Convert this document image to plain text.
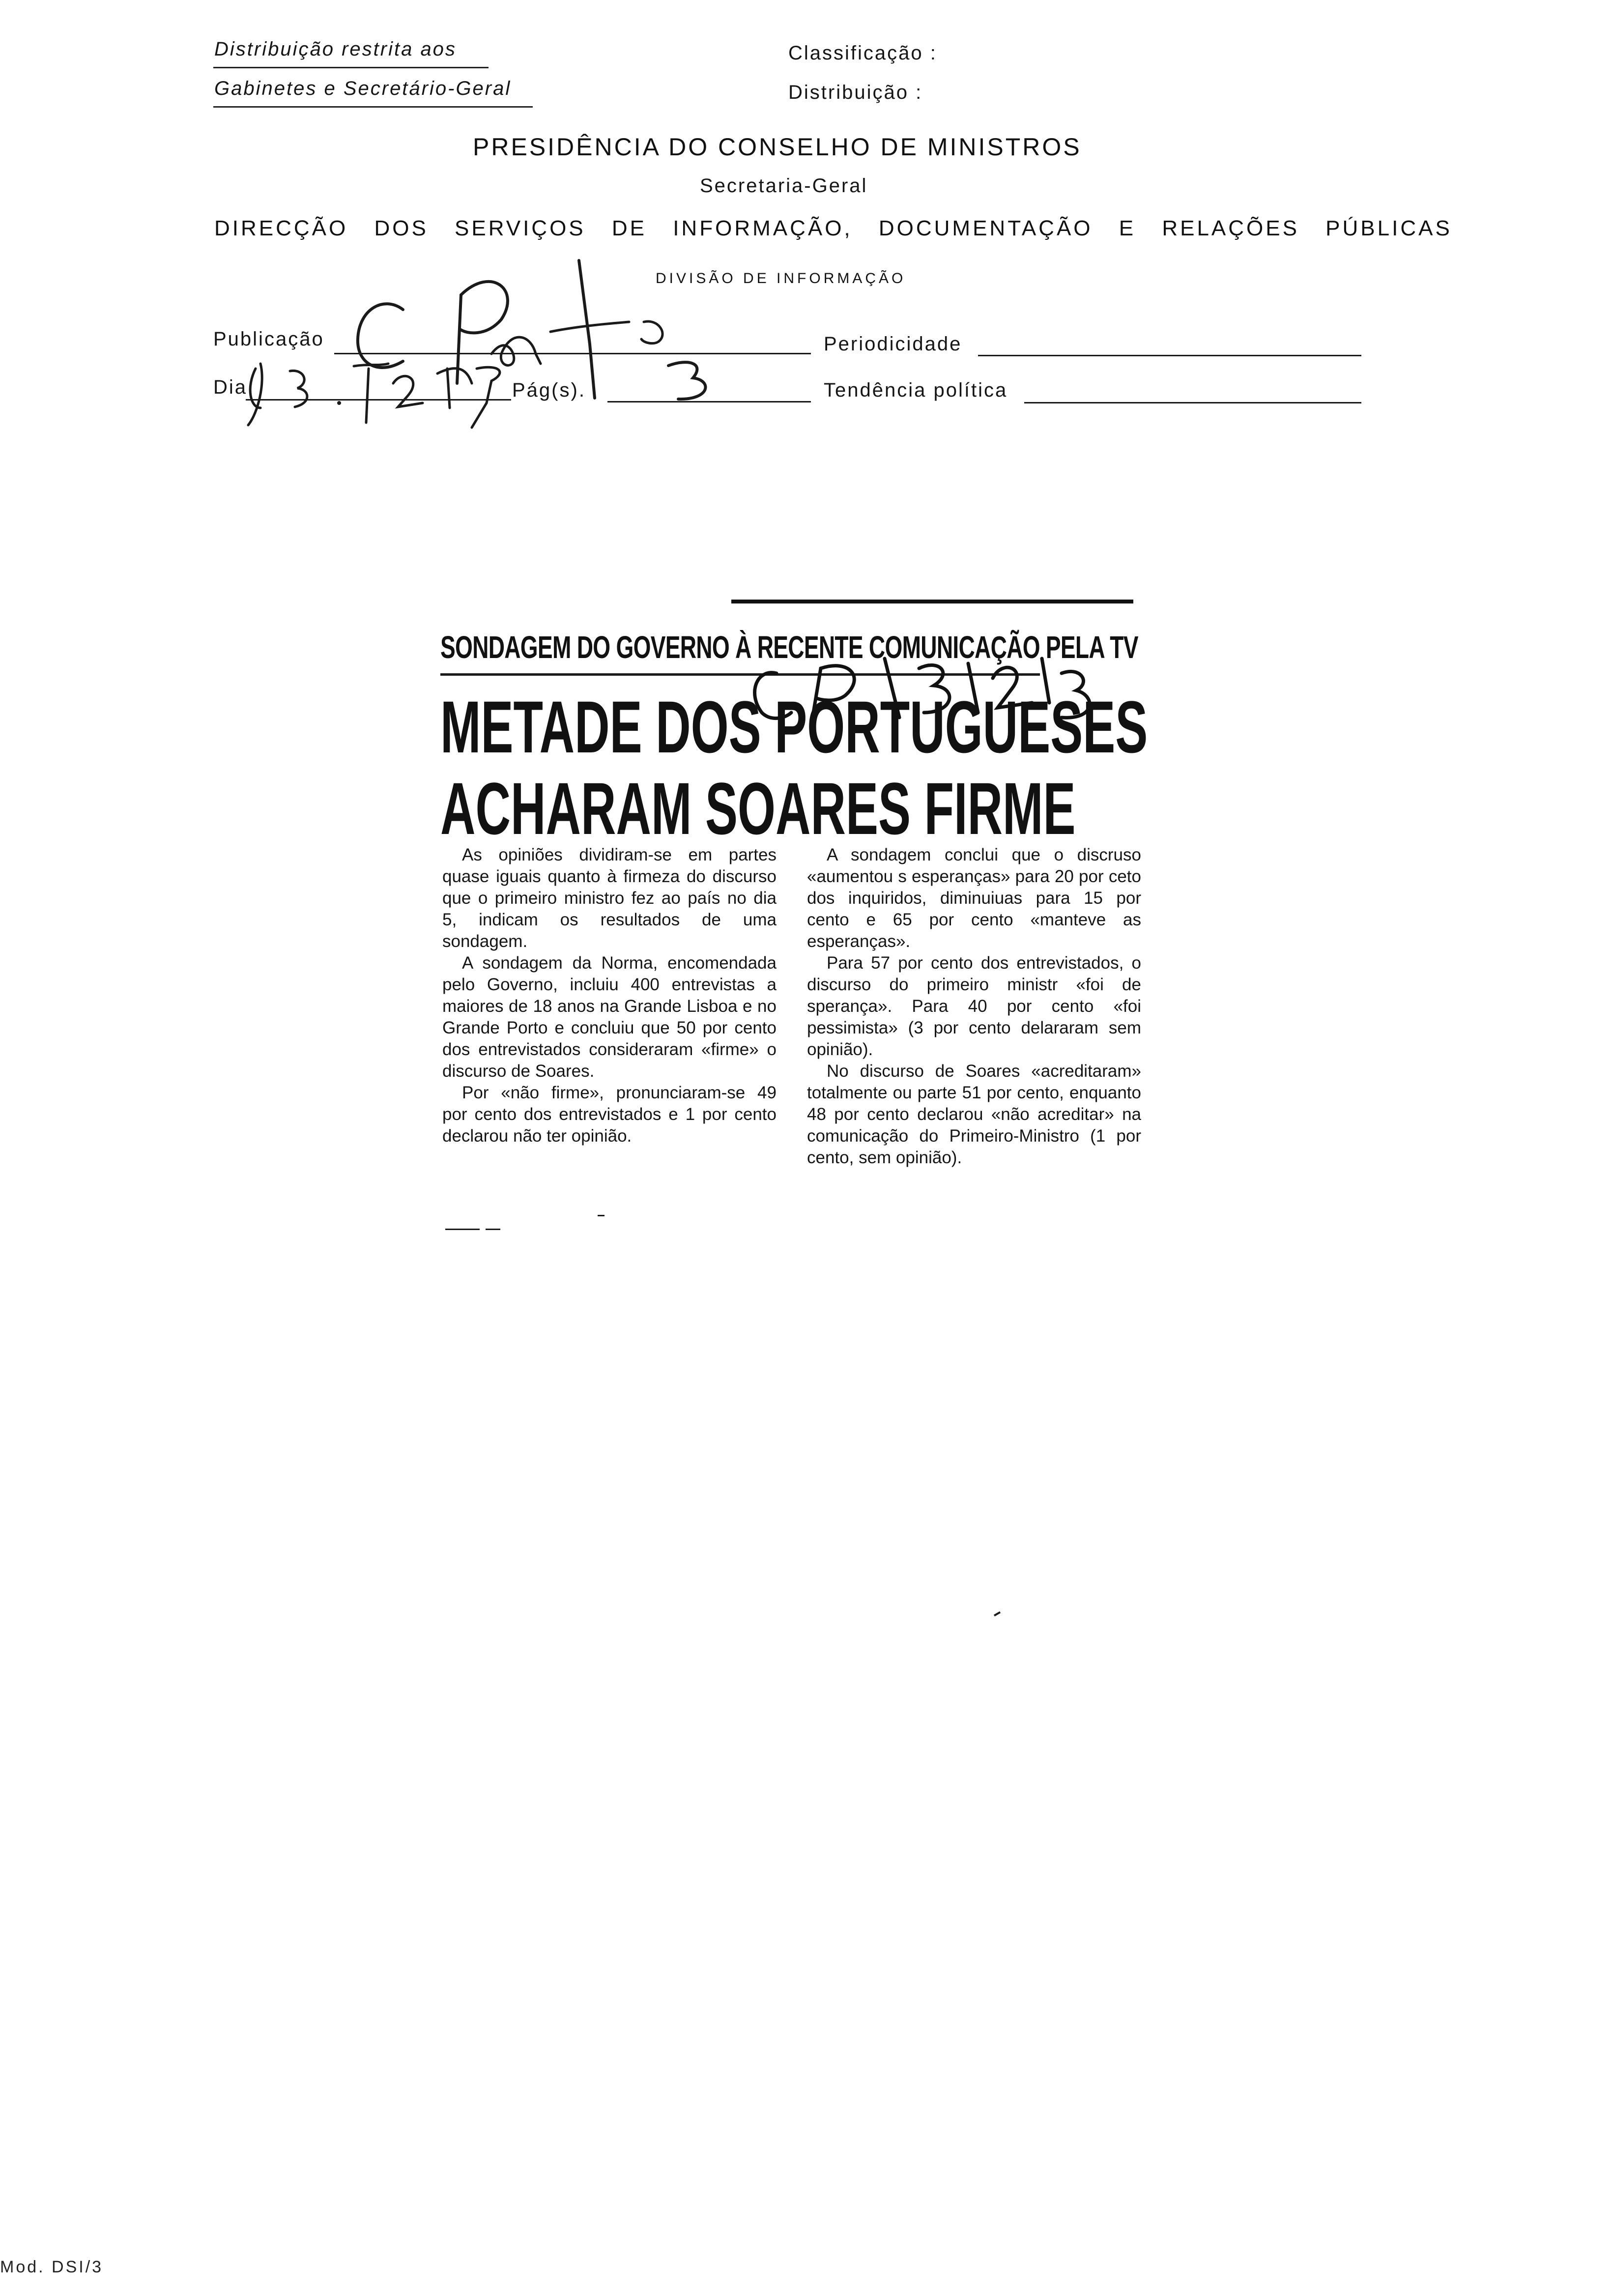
Distribuição restrita aos
Gabinetes e Secretário-Geral
Classificação :
Distribuição :
PRESIDÊNCIA DO CONSELHO DE MINISTROS
Secretaria-Geral
DIRECÇÃO DOS SERVIÇOS DE INFORMAÇÃO, DOCUMENTAÇÃO E RELAÇÕES PÚBLICAS
DIVISÃO DE INFORMAÇÃO
Publicação	Periodicidade
Dia	Pág(s).	Tendência política
SONDAGEM DO GOVERNO À RECENTE COMUNICAÇÃO PELA TV
METADE DOS PORTUGUESES
ACHARAM SOARES FIRME

As opiniões dividiram-se em partes quase iguais quanto à firmeza do discurso que o primeiro ministro fez ao país no dia 5, indicam os resultados de uma sondagem.

A sondagem da Norma, encomendada pelo Governo, incluiu 400 entrevistas a maiores de 18 anos na Grande Lisboa e no Grande Porto e concluiu que 50 por cento dos entrevistados consideraram «firme» o discurso de Soares.

Por «não firme», pronunciaram-se 49 por cento dos entrevistados e 1 por cento declarou não ter opinião.

A sondagem conclui que o discruso «aumentou s esperanças» para 20 por ceto dos inquiridos, diminuiuas para 15 por cento e 65 por cento «manteve as esperanças».

Para 57 por cento dos entrevistados, o discurso do primeiro ministr «foi de sperança». Para 40 por cento «foi pessimista» (3 por cento delararam sem opinião).

No discurso de Soares «acreditaram» totalmente ou parte 51 por cento, enquanto 48 por cento declarou «não acreditar» na comunicação do Primeiro-Ministro (1 por cento, sem opinião).

Mod. DSI/3
